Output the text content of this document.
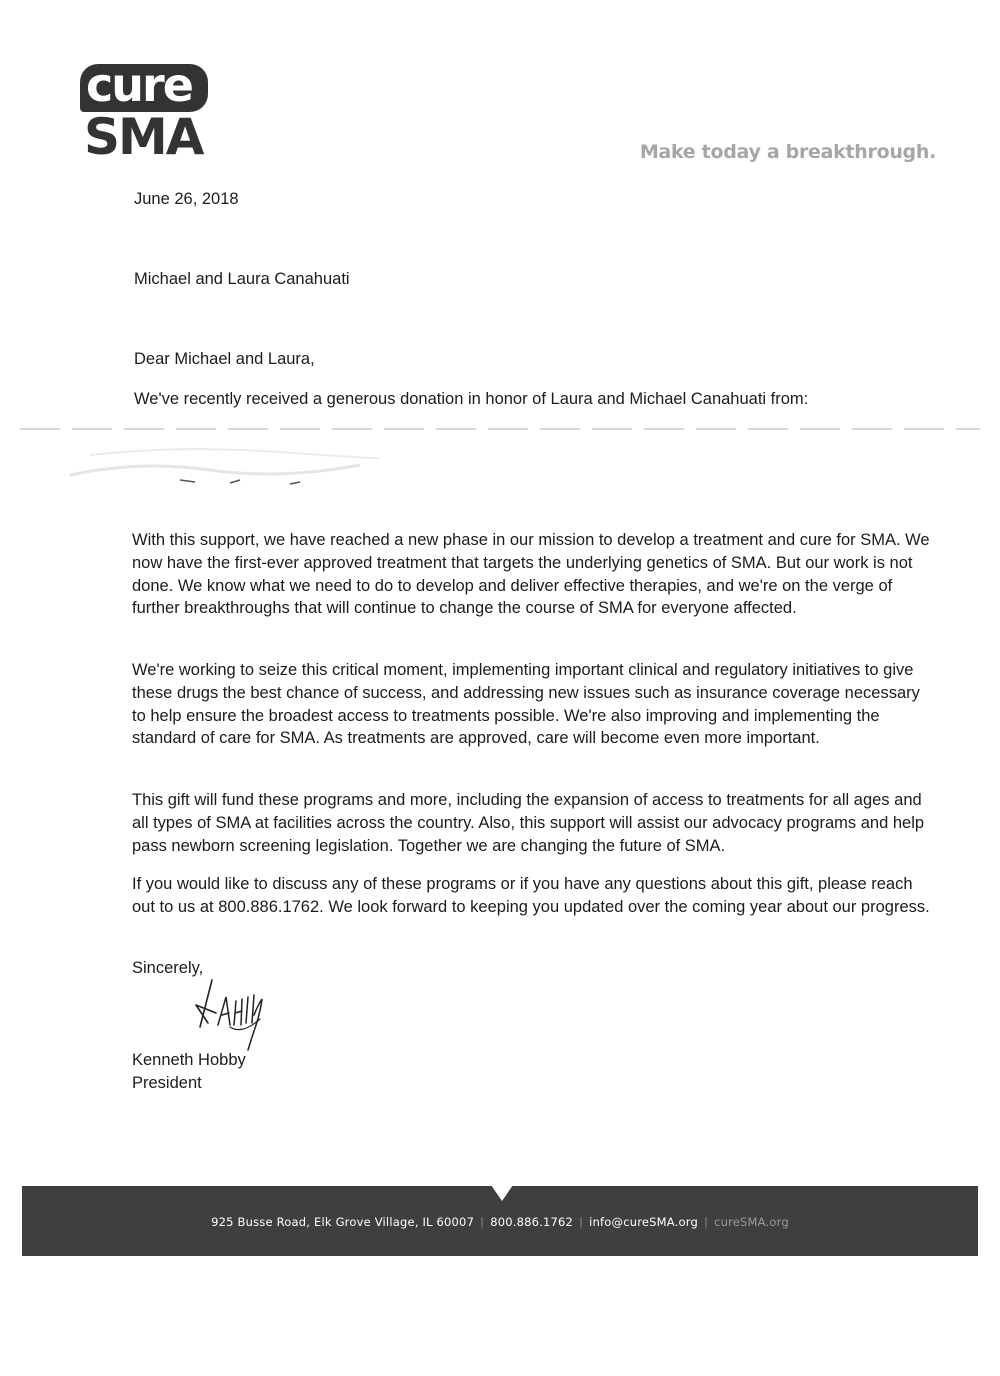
cure
SMA	Make today a breakthrough.
June 26, 2018
Michael and Laura Canahuati
Dear Michael and Laura,
We've recently received a generous donation in honor of Laura and Michael Canahuati from:
With this support, we have reached a new phase in our mission to develop a treatment and cure for SMA. We now have the first-ever approved treatment that targets the underlying genetics of SMA. But our work is not done. We know what we need to do to develop and deliver effective therapies, and we're on the verge of further breakthroughs that will continue to change the course of SMA for everyone affected.
We're working to seize this critical moment, implementing important clinical and regulatory initiatives to give these drugs the best chance of success, and addressing new issues such as insurance coverage necessary to help ensure the broadest access to treatments possible. We're also improving and implementing the standard of care for SMA. As treatments are approved, care will become even more important.
This gift will fund these programs and more, including the expansion of access to treatments for all ages and all types of SMA at facilities across the country. Also, this support will assist our advocacy programs and help pass newborn screening legislation. Together we are changing the future of SMA.
If you would like to discuss any of these programs or if you have any questions about this gift, please reach out to us at 800.886.1762. We look forward to keeping you updated over the coming year about our progress.
Sincerely,
Kenneth Hobby
President
925 Busse Road, Elk Grove Village, IL 60007 | 800.886.1762 | info@cureSMA.org | cureSMA.org
